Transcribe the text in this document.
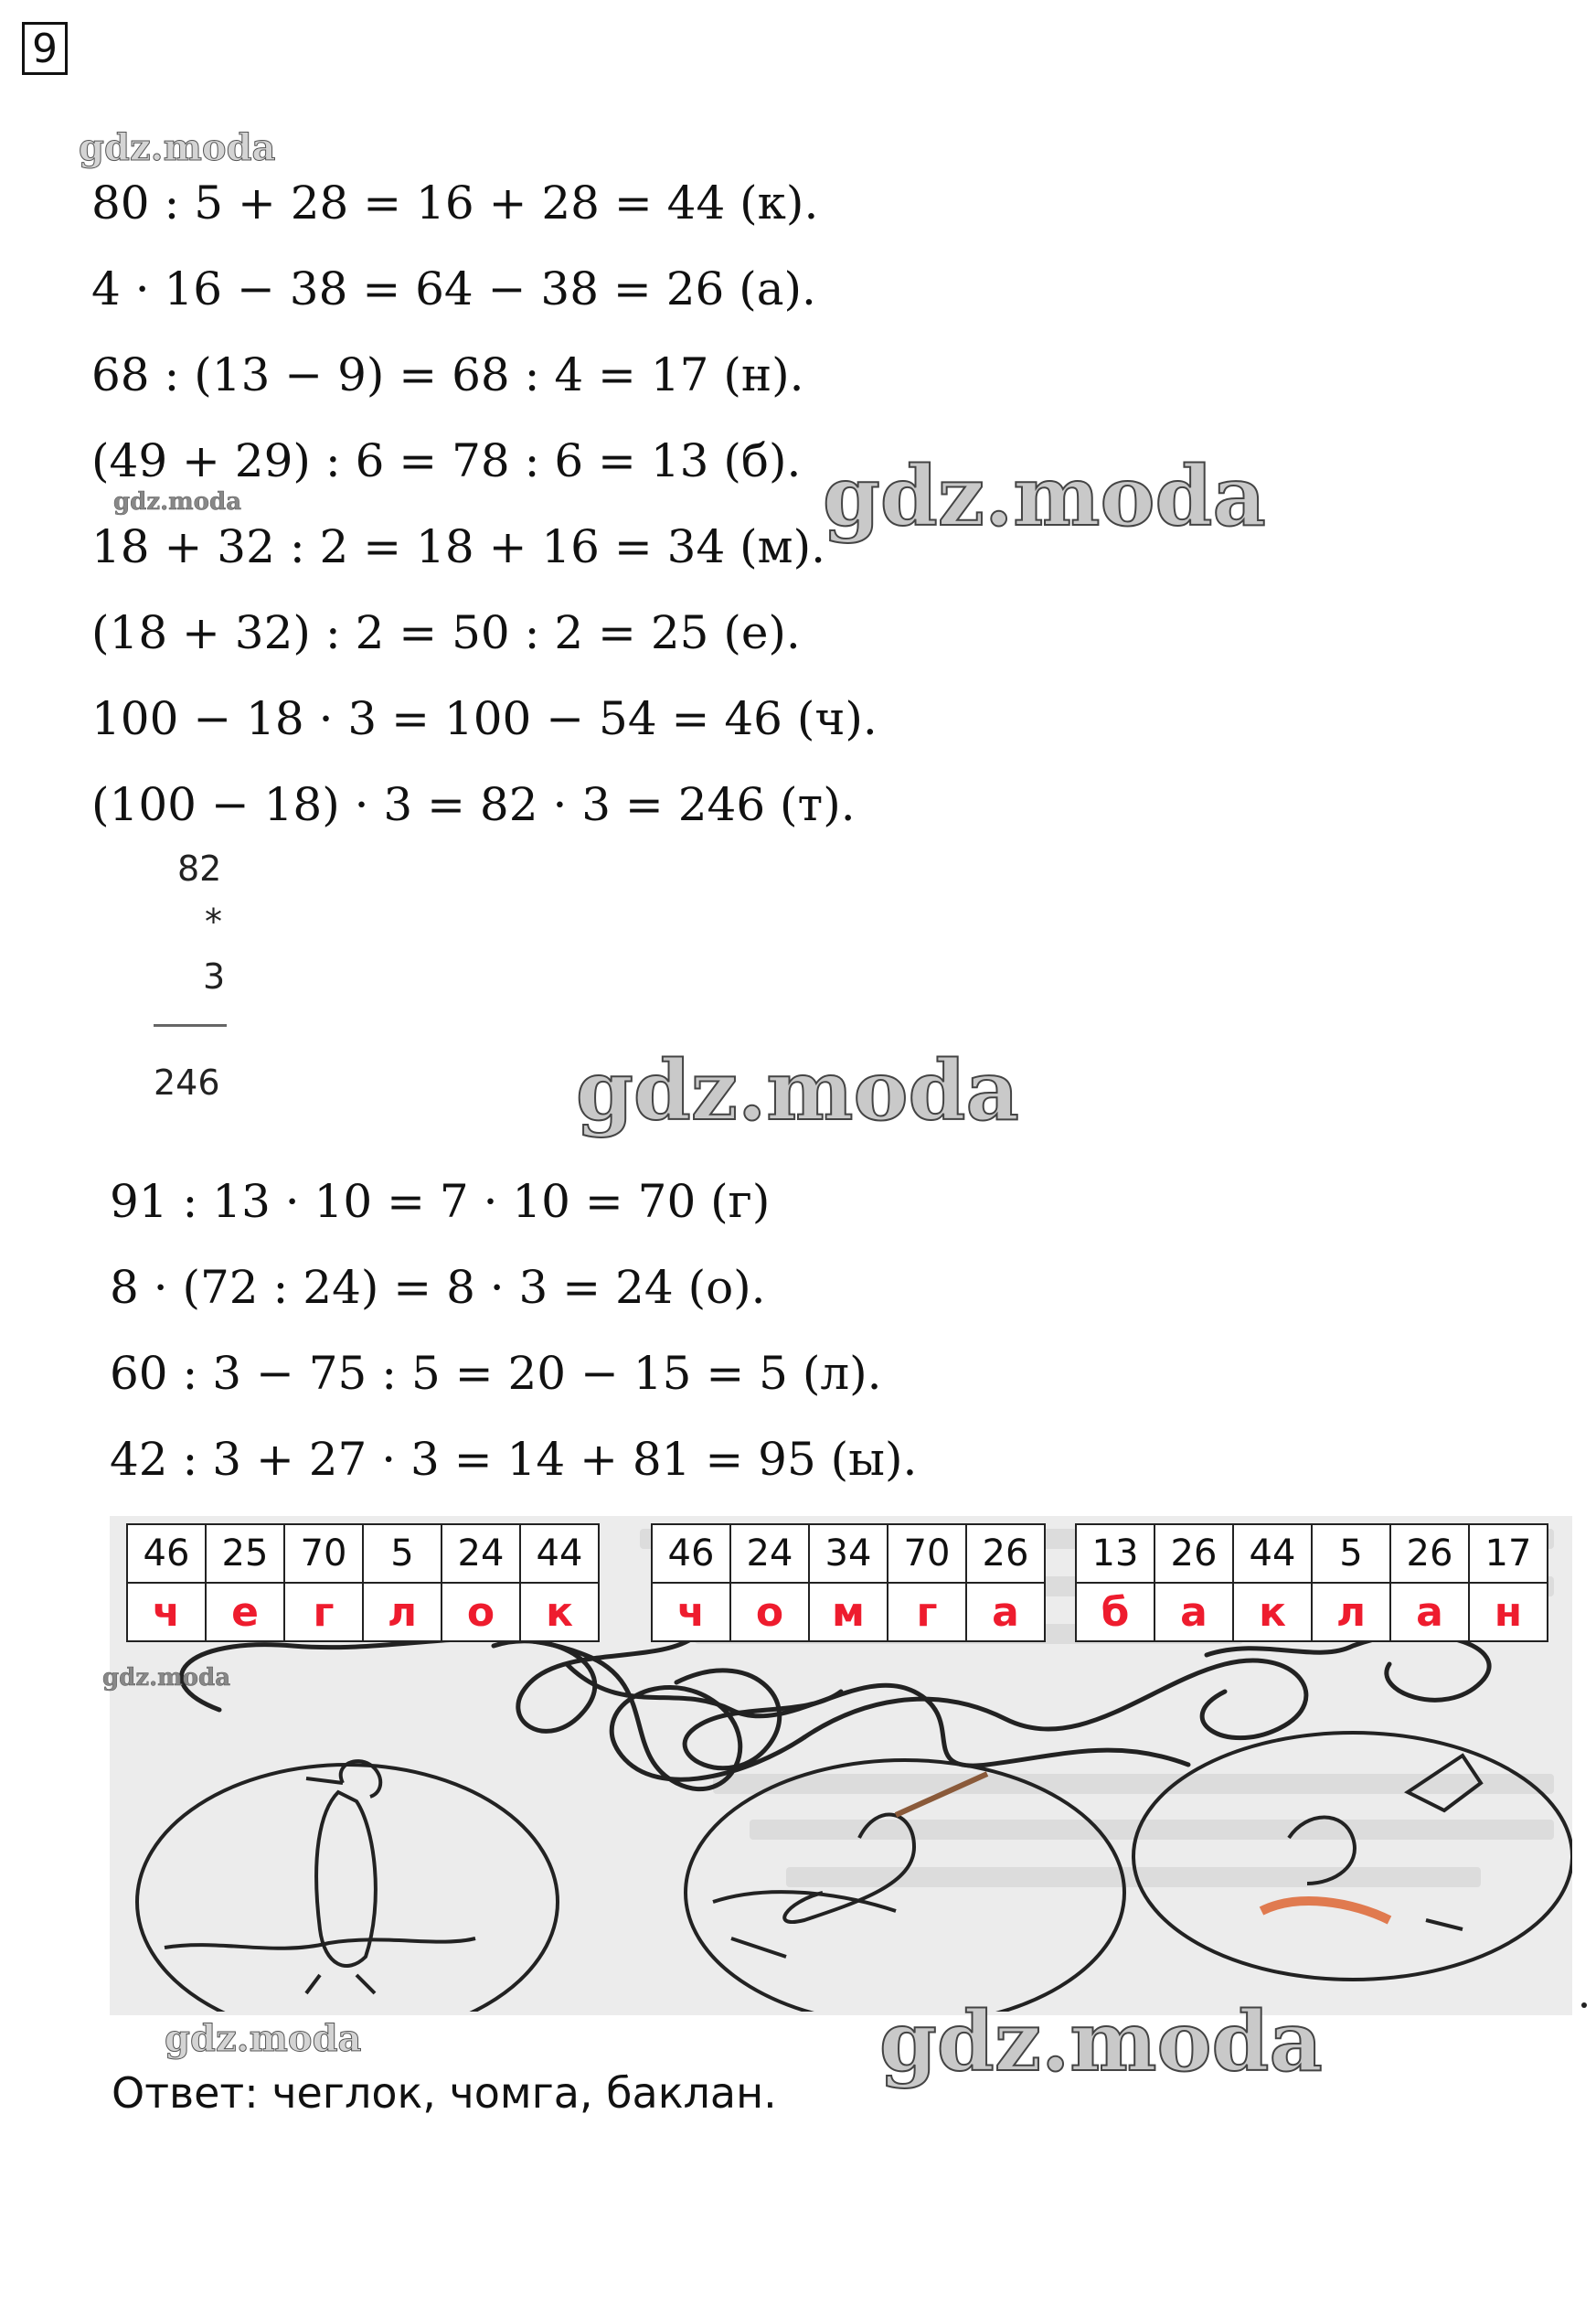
9
gdz.moda
80 : 5 + 28 = 16 + 28 = 44 (к).
4 · 16 − 38 = 64 − 38 = 26 (а).
68 : (13 − 9) = 68 : 4 = 17 (н).
(49 + 29) : 6 = 78 : 6 = 13 (б).
gdz.moda
18 + 32 : 2 = 18 + 16 = 34 (м).
gdz.moda
(18 + 32) : 2 = 50 : 2 = 25 (е).
100 − 18 · 3 = 100 − 54 = 46 (ч).
(100 − 18) · 3 = 82 · 3 = 246 (т).
82
*
3
246	gdz.moda
91 : 13 · 10 = 7 · 10 = 70 (г)
8 · (72 : 24) = 8 · 3 = 24 (о).
60 : 3 − 75 : 5 = 20 − 15 = 5 (л).
42 : 3 + 27 · 3 = 14 + 81 = 95 (ы).
46	25	70	5	24	44
ч	е	г	л	о	к
46	24	34	70	26
ч	о	м	г	а
13	26	44	5	26	17
б	а	к	л	а	н
gdz.moda
gdz.moda	gdz.moda
Ответ: чеглок, чомга, баклан.
